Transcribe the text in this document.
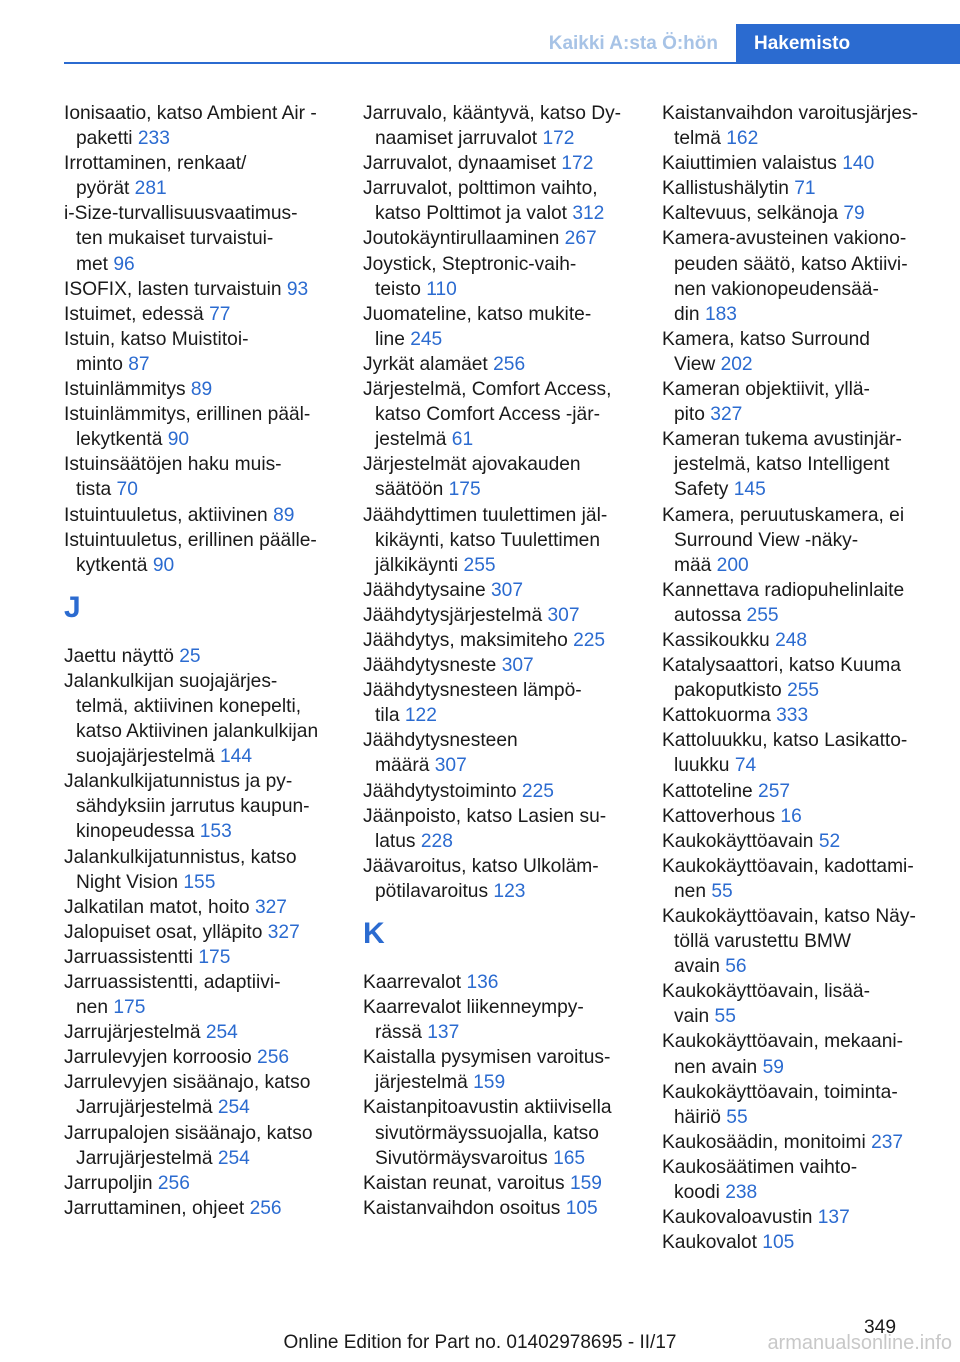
Kaikki A:sta Ö:hön	Hakemisto
Ionisaatio, katso Ambient Air -
paketti 233
Irrottaminen, renkaat/
pyörät 281
i-Size-turvallisuusvaatimus-
ten mukaiset turvaistui-
met 96
ISOFIX, lasten turvaistuin 93
Istuimet, edessä 77
Istuin, katso Muistitoi-
minto 87
Istuinlämmitys 89
Istuinlämmitys, erillinen pääl-
lekytkentä 90
Istuinsäätöjen haku muis-
tista 70
Istuintuuletus, aktiivinen 89
Istuintuuletus, erillinen päälle-
kytkentä 90
J
Jaettu näyttö 25
Jalankulkijan suojajärjes-
telmä, aktiivinen konepelti,
katso Aktiivinen jalankulkijan
suojajärjestelmä 144
Jalankulkijatunnistus ja py-
sähdyksiin jarrutus kaupun-
kinopeudessa 153
Jalankulkijatunnistus, katso
Night Vision 155
Jalkatilan matot, hoito 327
Jalopuiset osat, ylläpito 327
Jarruassistentti 175
Jarruassistentti, adaptiivi-
nen 175
Jarrujärjestelmä 254
Jarrulevyjen korroosio 256
Jarrulevyjen sisäänajo, katso
Jarrujärjestelmä 254
Jarrupalojen sisäänajo, katso
Jarrujärjestelmä 254
Jarrupoljin 256
Jarruttaminen, ohjeet 256
Jarruvalo, kääntyvä, katso Dy-
naamiset jarruvalot 172
Jarruvalot, dynaamiset 172
Jarruvalot, polttimon vaihto,
katso Polttimot ja valot 312
Joutokäyntirullaaminen 267
Joystick, Steptronic-vaih-
teisto 110
Juomateline, katso mukite-
line 245
Jyrkät alamäet 256
Järjestelmä, Comfort Access,
katso Comfort Access -jär-
jestelmä 61
Järjestelmät ajovakauden
säätöön 175
Jäähdyttimen tuulettimen jäl-
kikäynti, katso Tuulettimen
jälkikäynti 255
Jäähdytysaine 307
Jäähdytysjärjestelmä 307
Jäähdytys, maksimiteho 225
Jäähdytysneste 307
Jäähdytysnesteen lämpö-
tila 122
Jäähdytysnesteen
määrä 307
Jäähdytystoiminto 225
Jäänpoisto, katso Lasien su-
latus 228
Jäävaroitus, katso Ulkoläm-
pötilavaroitus 123
K
Kaarrevalot 136
Kaarrevalot liikenneympy-
rässä 137
Kaistalla pysymisen varoitus-
järjestelmä 159
Kaistanpitoavustin aktiivisella
sivutörmäyssuojalla, katso
Sivutörmäysvaroitus 165
Kaistan reunat, varoitus 159
Kaistanvaihdon osoitus 105
Kaistanvaihdon varoitusjärjes-
telmä 162
Kaiuttimien valaistus 140
Kallistushälytin 71
Kaltevuus, selkänoja 79
Kamera-avusteinen vakiono-
peuden säätö, katso Aktiivi-
nen vakionopeudensää-
din 183
Kamera, katso Surround
View 202
Kameran objektiivit, yllä-
pito 327
Kameran tukema avustinjär-
jestelmä, katso Intelligent
Safety 145
Kamera, peruutuskamera, ei
Surround View -näky-
mää 200
Kannettava radiopuhelinlaite
autossa 255
Kassikoukku 248
Katalysaattori, katso Kuuma
pakoputkisto 255
Kattokuorma 333
Kattoluukku, katso Lasikatto-
luukku 74
Kattoteline 257
Kattoverhous 16
Kaukokäyttöavain 52
Kaukokäyttöavain, kadottami-
nen 55
Kaukokäyttöavain, katso Näy-
töllä varustettu BMW
avain 56
Kaukokäyttöavain, lisää-
vain 55
Kaukokäyttöavain, mekaani-
nen avain 59
Kaukokäyttöavain, toiminta-
häiriö 55
Kaukosäädin, monitoimi 237
Kaukosäätimen vaihto-
koodi 238
Kaukovaloavustin 137
Kaukovalot 105
349
Online Edition for Part no. 01402978695 - II/17	armanualsonline.info
